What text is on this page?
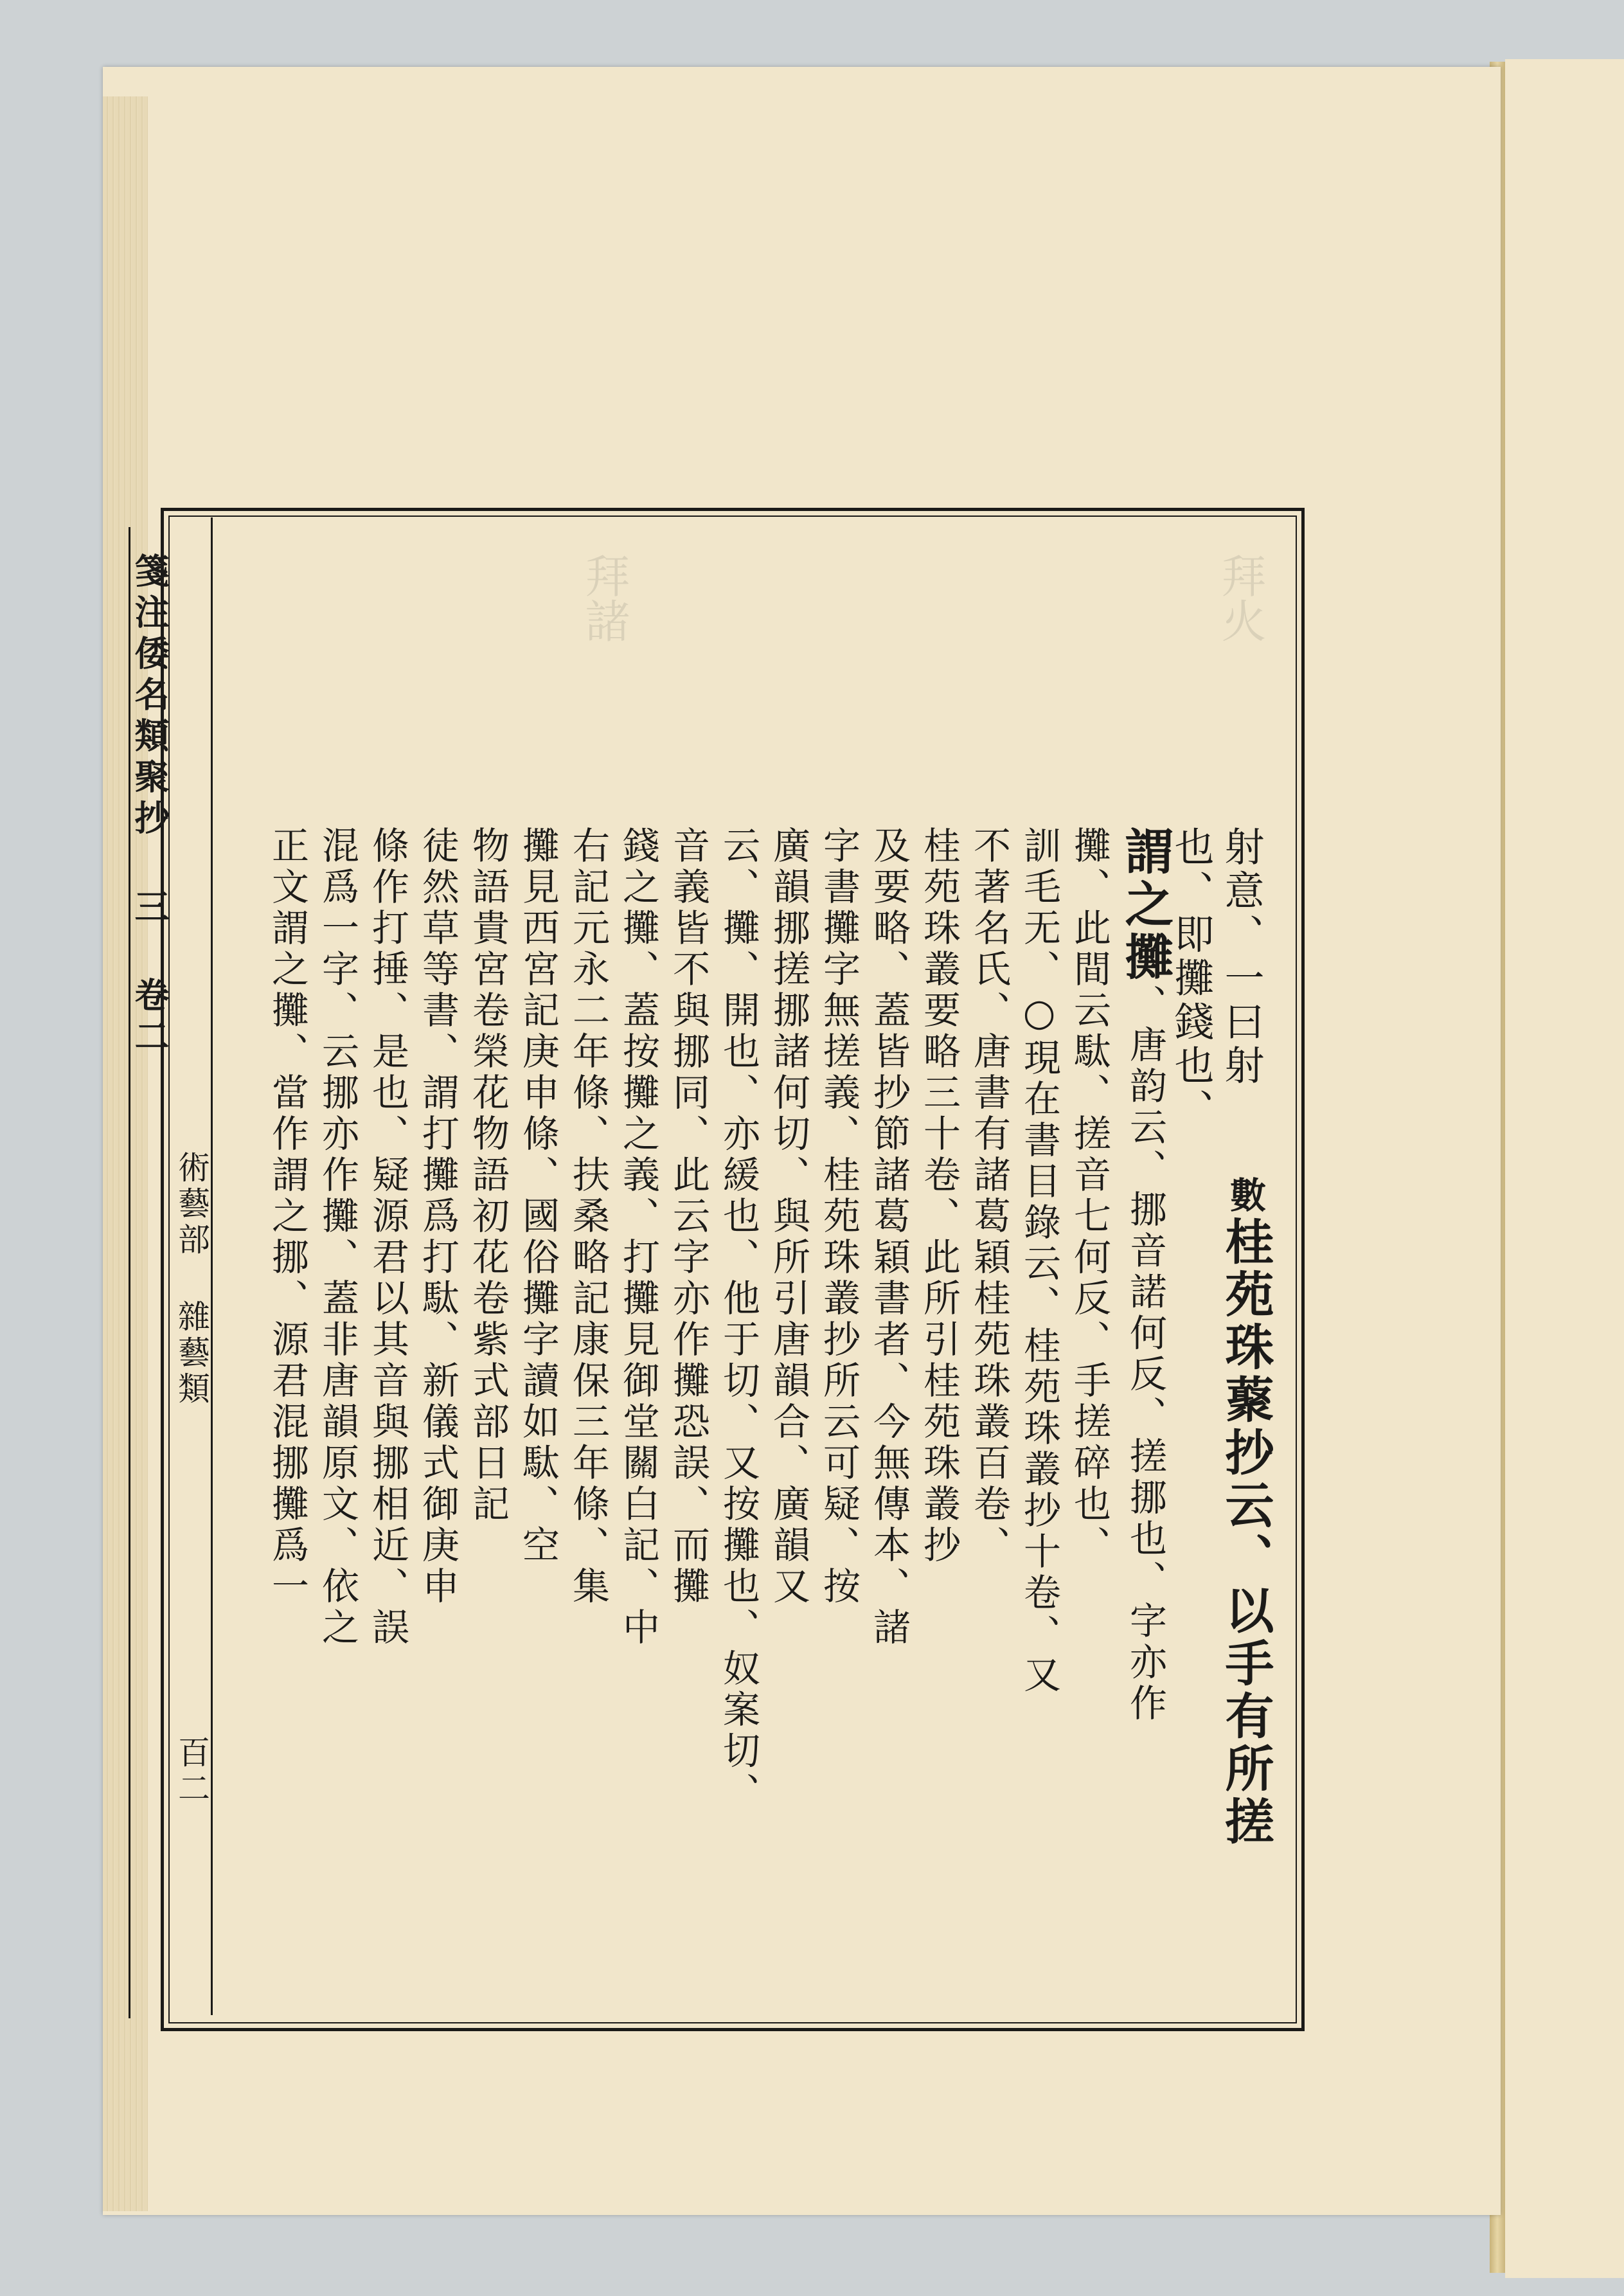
拜火
拜諸
箋注倭名類聚抄 三 卷二
術藝部 雜藝類
百二
射意、一曰射
也、即攤錢也、
謂之攤、唐韵云、挪音諾何反、搓挪也、字亦作
攤、此間云駄、搓音七何反、手搓碎也、
訓毛无、○現在書目錄云、桂苑珠叢抄十卷、又
不著名氏、唐書有諸葛穎桂苑珠叢百卷、
桂苑珠叢要略三十卷、此所引桂苑珠叢抄
及要略、蓋皆抄節諸葛穎書者、今無傳本、諸
字書攤字無搓義、桂苑珠叢抄所云可疑、按
廣韻挪搓挪諸何切、與所引唐韻合、廣韻又
云、攤、開也、亦緩也、他于切、又按攤也、奴案切、
音義皆不與挪同、此云字亦作攤恐誤、而攤
錢之攤、蓋按攤之義、打攤見御堂關白記、中
右記元永二年條、扶桑略記康保三年條、集
攤見西宮記庚申條、國俗攤字讀如駄、空
物語貴宮卷榮花物語初花卷紫式部日記
徒然草等書、謂打攤爲打駄、新儀式御庚申
條作打捶、是也、疑源君以其音與挪相近、誤
混爲一字、云挪亦作攤、蓋非唐韻原文、依之
正文謂之攤、當作謂之挪、源君混挪攤爲一	數桂苑珠藂抄云、以手有所搓
